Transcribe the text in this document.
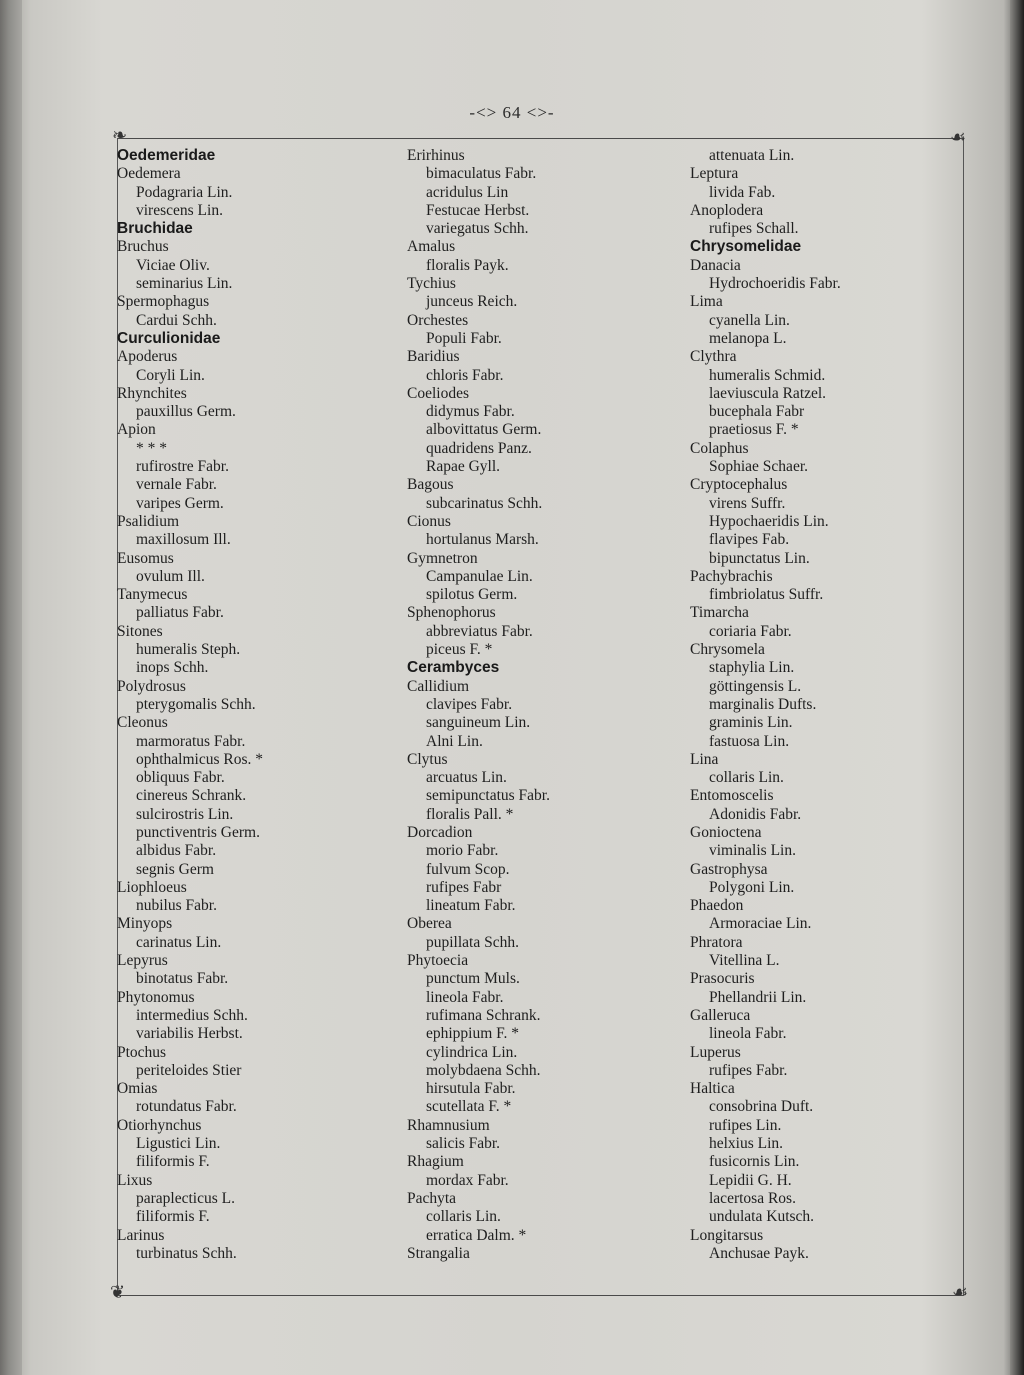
-<> 64 <>-
❧	☙
❦	☙
Oedemeridae
Oedemera
Podagraria Lin.
virescens Lin.
Bruchidae
Bruchus
Viciae Oliv.
seminarius Lin.
Spermophagus
Cardui Schh.
Curculionidae
Apoderus
Coryli Lin.
Rhynchites
pauxillus Germ.
Apion
* * *
rufirostre Fabr.
vernale Fabr.
varipes Germ.
Psalidium
maxillosum Ill.
Eusomus
ovulum Ill.
Tanymecus
palliatus Fabr.
Sitones
humeralis Steph.
inops Schh.
Polydrosus
pterygomalis Schh.
Cleonus
marmoratus Fabr.
ophthalmicus Ros. *
obliquus Fabr.
cinereus Schrank.
sulcirostris Lin.
punctiventris Germ.
albidus Fabr.
segnis Germ
Liophloeus
nubilus Fabr.
Minyops
carinatus Lin.
Lepyrus
binotatus Fabr.
Phytonomus
intermedius Schh.
variabilis Herbst.
Ptochus
periteloides Stier
Omias
rotundatus Fabr.
Otiorhynchus
Ligustici Lin.
filiformis F.
Lixus
paraplecticus L.
filiformis F.
Larinus
turbinatus Schh.
Erirhinus
bimaculatus Fabr.
acridulus Lin
Festucae Herbst.
variegatus Schh.
Amalus
floralis Payk.
Tychius
junceus Reich.
Orchestes
Populi Fabr.
Baridius
chloris Fabr.
Coeliodes
didymus Fabr.
albovittatus Germ.
quadridens Panz.
Rapae Gyll.
Bagous
subcarinatus Schh.
Cionus
hortulanus Marsh.
Gymnetron
Campanulae Lin.
spilotus Germ.
Sphenophorus
abbreviatus Fabr.
piceus F. *
Cerambyces
Callidium
clavipes Fabr.
sanguineum Lin.
Alni Lin.
Clytus
arcuatus Lin.
semipunctatus Fabr.
floralis Pall. *
Dorcadion
morio Fabr.
fulvum Scop.
rufipes Fabr
lineatum Fabr.
Oberea
pupillata Schh.
Phytoecia
punctum Muls.
lineola Fabr.
rufimana Schrank.
ephippium F. *
cylindrica Lin.
molybdaena Schh.
hirsutula Fabr.
scutellata F. *
Rhamnusium
salicis Fabr.
Rhagium
mordax Fabr.
Pachyta
collaris Lin.
erratica Dalm. *
Strangalia
attenuata Lin.
Leptura
livida Fab.
Anoplodera
rufipes Schall.
Chrysomelidae
Danacia
Hydrochoeridis Fabr.
Lima
cyanella Lin.
melanopa L.
Clythra
humeralis Schmid.
laeviuscula Ratzel.
bucephala Fabr
praetiosus F. *
Colaphus
Sophiae Schaer.
Cryptocephalus
virens Suffr.
Hypochaeridis Lin.
flavipes Fab.
bipunctatus Lin.
Pachybrachis
fimbriolatus Suffr.
Timarcha
coriaria Fabr.
Chrysomela
staphylia Lin.
göttingensis L.
marginalis Dufts.
graminis Lin.
fastuosa Lin.
Lina
collaris Lin.
Entomoscelis
Adonidis Fabr.
Gonioctena
viminalis Lin.
Gastrophysa
Polygoni Lin.
Phaedon
Armoraciae Lin.
Phratora
Vitellina L.
Prasocuris
Phellandrii Lin.
Galleruca
lineola Fabr.
Luperus
rufipes Fabr.
Haltica
consobrina Duft.
rufipes Lin.
helxius Lin.
fusicornis Lin.
Lepidii G. H.
lacertosa Ros.
undulata Kutsch.
Longitarsus
Anchusae Payk.
